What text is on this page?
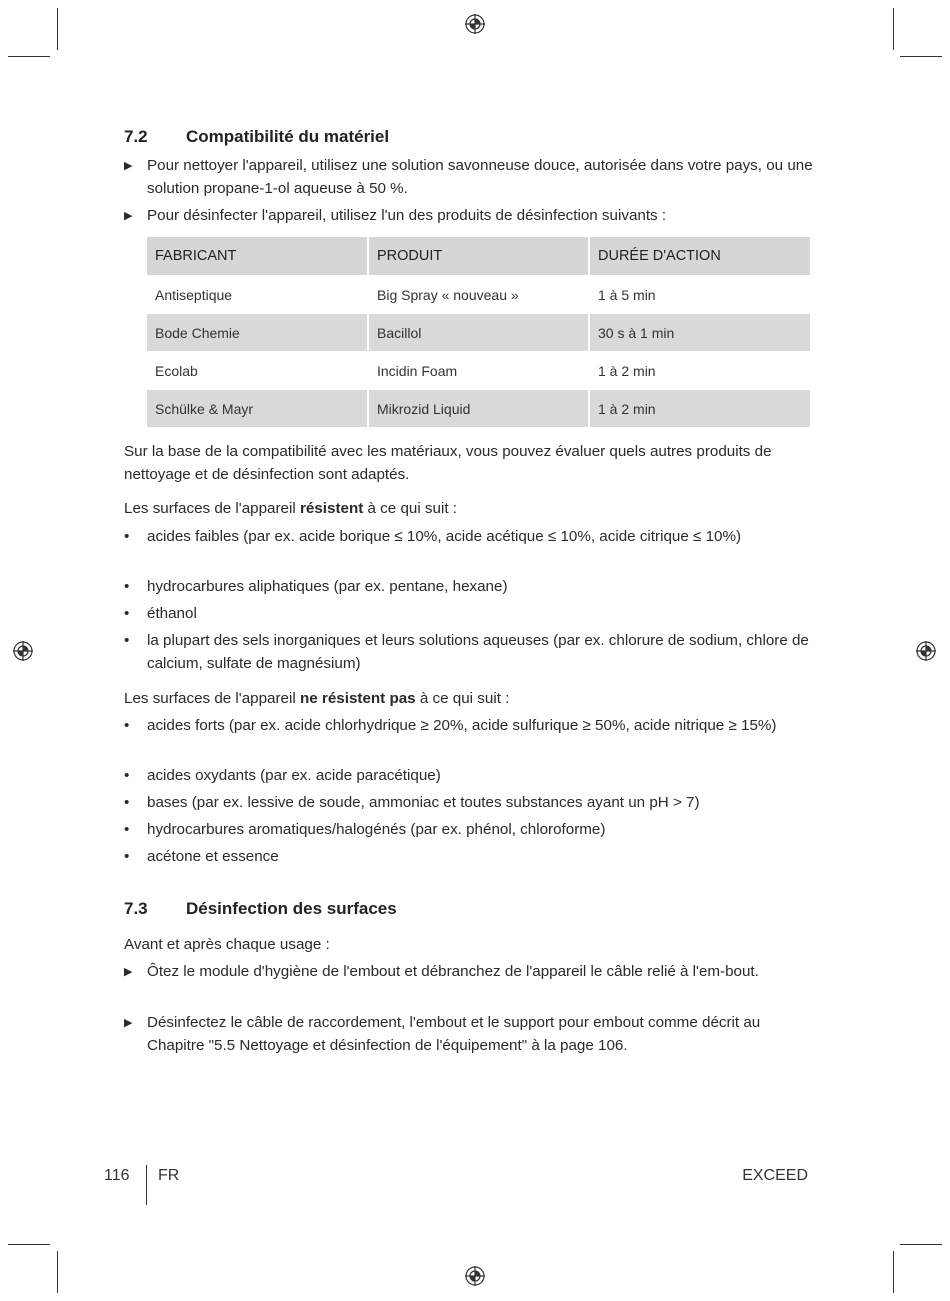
7.2 Compatibilité du matériel
▶ Pour nettoyer l'appareil, utilisez une solution savonneuse douce, autorisée dans votre pays, ou une solution propane-1-ol aqueuse à 50 %.
▶ Pour désinfecter l'appareil, utilisez l'un des produits de désinfection suivants :
FABRICANT	PRODUIT	DURÉE D'ACTION
Antiseptique	Big Spray « nouveau »	1 à 5 min
Bode Chemie	Bacillol	30 s à 1 min
Ecolab	Incidin Foam	1 à 2 min
Schülke & Mayr	Mikrozid Liquid	1 à 2 min

Sur la base de la compatibilité avec les matériaux, vous pouvez évaluer quels autres produits de nettoyage et de désinfection sont adaptés.

Les surfaces de l'appareil résistent à ce qui suit :

•	acides faibles (par ex. acide borique ≤ 10%, acide acétique ≤ 10%, acide citrique ≤ 10%)
•	hydrocarbures aliphatiques (par ex. pentane, hexane)
•	éthanol
•	la plupart des sels inorganiques et leurs solutions aqueuses (par ex. chlorure de sodium, chlore de calcium, sulfate de magnésium)

Les surfaces de l'appareil ne résistent pas à ce qui suit :

•	acides forts (par ex. acide chlorhydrique ≥ 20%, acide sulfurique ≥ 50%, acide nitrique ≥ 15%)
•	acides oxydants (par ex. acide paracétique)
•	bases (par ex. lessive de soude, ammoniac et toutes substances ayant un pH > 7)
•	hydrocarbures aromatiques/halogénés (par ex. phénol, chloroforme)
•	acétone et essence
7.3 Désinfection des surfaces

Avant et après chaque usage :

▶ Ôtez le module d'hygiène de l'embout et débranchez de l'appareil le câble relié à l'em-bout.
▶ Désinfectez le câble de raccordement, l'embout et le support pour embout comme décrit au Chapitre "5.5 Nettoyage et désinfection de l'équipement" à la page 106.
116 FR	EXCEED
